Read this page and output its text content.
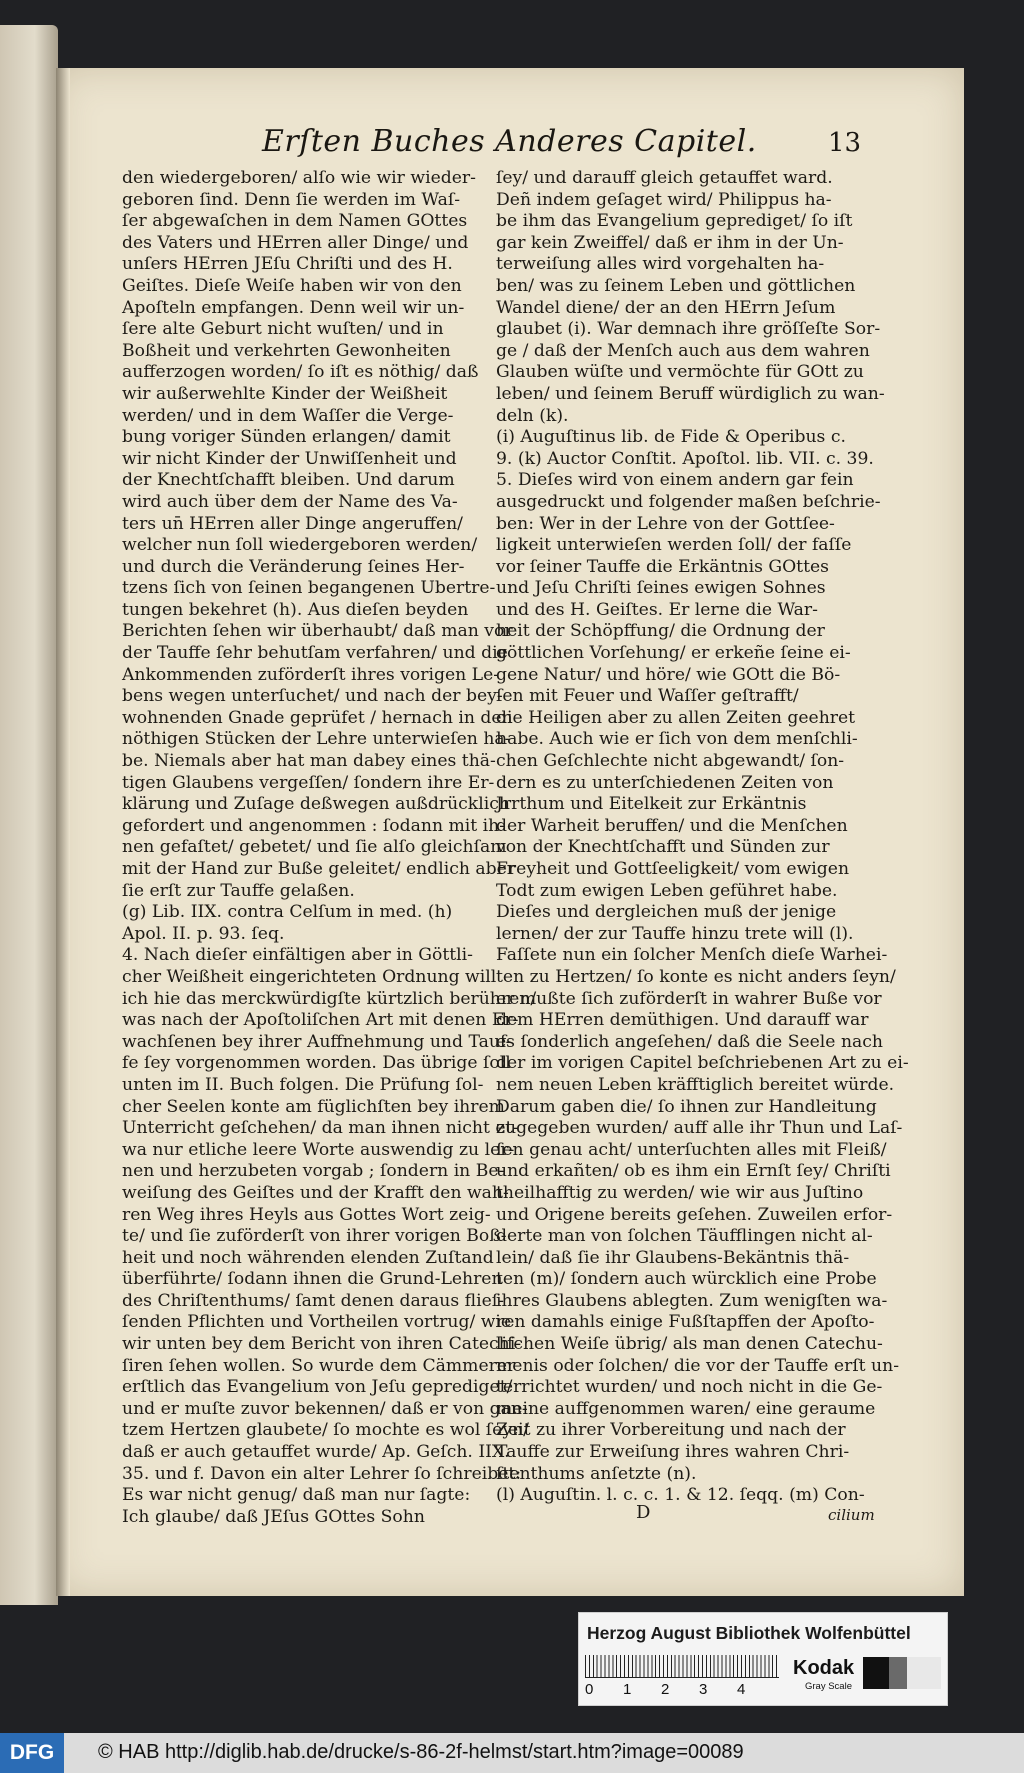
Erſten Buches Anderes Capitel.	13
den wiedergeboren/ alſo wie wir wieder-
geboren ſind. Denn ſie werden im Waſ-
ſer abgewaſchen in dem Namen GOttes
des Vaters und HErren aller Dinge/ und
unſers HErren JEſu Chriſti und des H.
Geiſtes. Dieſe Weiſe haben wir von den
Apoſteln empfangen. Denn weil wir un-
ſere alte Geburt nicht wuſten/ und in
Boßheit und verkehrten Gewonheiten
aufferzogen worden/ ſo iſt es nöthig/ daß
wir außerwehlte Kinder der Weißheit
werden/ und in dem Waſſer die Verge-
bung voriger Sünden erlangen/ damit
wir nicht Kinder der Unwiſſenheit und
der Knechtſchafft bleiben. Und darum
wird auch über dem der Name des Va-
ters un̄ HErren aller Dinge angeruffen/
welcher nun ſoll wiedergeboren werden/
und durch die Veränderung ſeines Her-
tzens ſich von ſeinen begangenen Ubertre-
tungen bekehret (h). Aus dieſen beyden
Berichten ſehen wir überhaubt/ daß man vor
der Tauffe ſehr behutſam verfahren/ und die
Ankommenden zuförderſt ihres vorigen Le-
bens wegen unterſuchet/ und nach der bey-
wohnenden Gnade geprüfet / hernach in den
nöthigen Stücken der Lehre unterwieſen ha-
be. Niemals aber hat man dabey eines thä-
tigen Glaubens vergeſſen/ ſondern ihre Er-
klärung und Zuſage deßwegen außdrücklich
gefordert und angenommen : ſodann mit ih-
nen gefaſtet/ gebetet/ und ſie alſo gleichſam
mit der Hand zur Buße geleitet/ endlich aber
ſie erſt zur Tauffe gelaßen.
(g) Lib. IIX. contra Celſum in med. (h)
Apol. II. p. 93. ſeq.
4. Nach dieſer einfältigen aber in Göttli-
cher Weißheit eingerichteten Ordnung will
ich hie das merckwürdigſte kürtzlich berühren/
was nach der Apoſtoliſchen Art mit denen Er-
wachſenen bey ihrer Auffnehmung und Tauf-
fe ſey vorgenommen worden. Das übrige ſoll
unten im II. Buch folgen. Die Prüfung ſol-
cher Seelen konte am füglichſten bey ihrem
Unterricht geſchehen/ da man ihnen nicht et-
wa nur etliche leere Worte auswendig zu ler-
nen und herzubeten vorgab ; ſondern in Be-
weiſung des Geiſtes und der Krafft den wah-
ren Weg ihres Heyls aus Gottes Wort zeig-
te/ und ſie zuförderſt von ihrer vorigen Boß-
heit und noch währenden elenden Zuſtand
überführte/ ſodann ihnen die Grund-Lehren
des Chriſtenthums/ ſamt denen daraus flieſ-
ſenden Pflichten und Vortheilen vortrug/ wie
wir unten bey dem Bericht von ihren Catechi-
ſiren ſehen wollen. So wurde dem Cämmerer
erſtlich das Evangelium von Jeſu geprediget/
und er muſte zuvor bekennen/ daß er von gan-
tzem Hertzen glaubete/ ſo mochte es wol ſeyn/
daß er auch getauffet wurde/ Ap. Geſch. IIX.
35. und f. Davon ein alter Lehrer ſo ſchreibet:
Es war nicht genug/ daß man nur ſagte:
Ich glaube/ daß JEſus GOttes Sohn
ſey/ und darauff gleich getauffet ward.
Deñ indem geſaget wird/ Philippus ha-
be ihm das Evangelium geprediget/ ſo iſt
gar kein Zweiffel/ daß er ihm in der Un-
terweiſung alles wird vorgehalten ha-
ben/ was zu ſeinem Leben und göttlichen
Wandel diene/ der an den HErrn Jeſum
glaubet (i). War demnach ihre gröſſeſte Sor-
ge / daß der Menſch auch aus dem wahren
Glauben wüſte und vermöchte für GOtt zu
leben/ und ſeinem Beruff würdiglich zu wan-
deln (k).
(i) Auguſtinus lib. de Fide & Operibus c.
9. (k) Auctor Conſtit. Apoſtol. lib. VII. c. 39.
5. Dieſes wird von einem andern gar fein
ausgedruckt und folgender maßen beſchrie-
ben: Wer in der Lehre von der Gottſee-
ligkeit unterwieſen werden ſoll/ der faſſe
vor ſeiner Tauffe die Erkäntnis GOttes
und Jeſu Chriſti ſeines ewigen Sohnes
und des H. Geiſtes. Er lerne die War-
heit der Schöpffung/ die Ordnung der
göttlichen Vorſehung/ er erkeñe ſeine ei-
gene Natur/ und höre/ wie GOtt die Bö-
ſen mit Feuer und Waſſer geſtrafft/
die Heiligen aber zu allen Zeiten geehret
habe. Auch wie er ſich von dem menſchli-
chen Geſchlechte nicht abgewandt/ ſon-
dern es zu unterſchiedenen Zeiten von
Jrrthum und Eitelkeit zur Erkäntnis
der Warheit beruffen/ und die Menſchen
von der Knechtſchafft und Sünden zur
Freyheit und Gottſeeligkeit/ vom ewigen
Todt zum ewigen Leben geführet habe.
Dieſes und dergleichen muß der jenige
lernen/ der zur Tauffe hinzu trete will (l).
Faſſete nun ein ſolcher Menſch dieſe Warhei-
ten zu Hertzen/ ſo konte es nicht anders ſeyn/
er mußte ſich zuförderſt in wahrer Buße vor
dem HErren demüthigen. Und darauff war
es ſonderlich angeſehen/ daß die Seele nach
der im vorigen Capitel beſchriebenen Art zu ei-
nem neuen Leben kräfftiglich bereitet würde.
Darum gaben die/ ſo ihnen zur Handleitung
zugegeben wurden/ auff alle ihr Thun und Laſ-
ſen genau acht/ unterſuchten alles mit Fleiß/
und erkañten/ ob es ihm ein Ernſt ſey/ Chriſti
theilhafftig zu werden/ wie wir aus Juſtino
und Origene bereits geſehen. Zuweilen erfor-
derte man von ſolchen Täufflingen nicht al-
lein/ daß ſie ihr Glaubens-Bekäntnis thä-
ten (m)/ ſondern auch würcklich eine Probe
ihres Glaubens ablegten. Zum wenigſten wa-
ren damahls einige Fußſtapffen der Apoſto-
liſchen Weiſe übrig/ als man denen Catechu-
menis oder ſolchen/ die vor der Tauffe erſt un-
terrichtet wurden/ und noch nicht in die Ge-
meine auffgenommen waren/ eine geraume
Zeit zu ihrer Vorbereitung und nach der
Tauffe zur Erweiſung ihres wahren Chri-
ſtenthums anſetzte (n).
(l) Auguſtin. l. c. c. 1. & 12. ſeqq. (m) Con-
D	cilium
Herzog August Bibliothek Wolfenbüttel
0 1 2 3 4
Kodak
Gray Scale
DFG	© HAB http://diglib.hab.de/drucke/s-86-2f-helmst/start.htm?image=00089
